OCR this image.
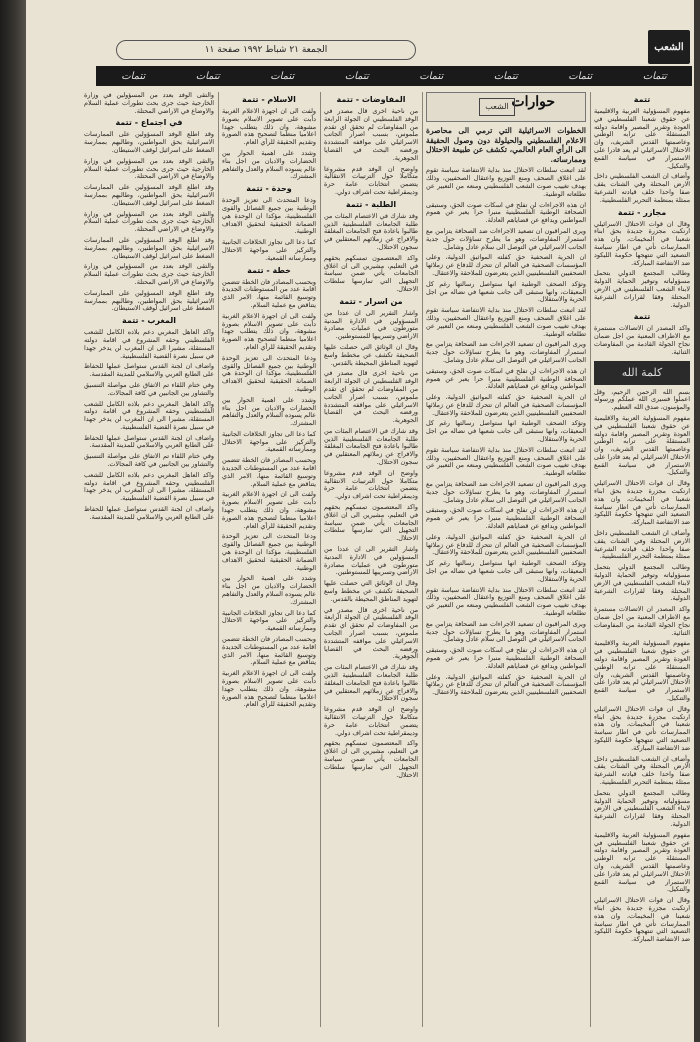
الشعب
الجمعة ٢١ شباط ١٩٩٢ صفحة ١١
تتمات
تتمات
تتمات
تتمات
تتمات
تتمات
تتمات
تتمات
تتمة

مفهوم المسؤولية العربية والاقليمية عن حقوق شعبنا الفلسطيني في العودة وتقرير المصير واقامة دولته المستقلة على ترابه الوطني وعاصمتها القدس الشريف، وان الاحتلال الاسرائيلي لم يعد قادرا على الاستمرار في سياسة القمع والتنكيل.

وأضاف ان الشعب الفلسطيني داخل الارض المحتلة وفي الشتات يقف صفا واحدا خلف قيادته الشرعية ممثلة بمنظمة التحرير الفلسطينية.

مجازر - تتمة

وقال ان قوات الاحتلال الاسرائيلي ارتكبت مجزرة جديدة بحق ابناء شعبنا في المخيمات، وان هذه الممارسات تأتي في اطار سياسة التصعيد التي تنتهجها حكومة الليكود ضد الانتفاضة المباركة.

وطالب المجتمع الدولي بتحمل مسؤولياته وتوفير الحماية الدولية لابناء الشعب الفلسطيني في الارض المحتلة وفقا لقرارات الشرعية الدولية.

تتمة

واكد المصدر ان الاتصالات مستمرة مع الاطراف المعنية من اجل ضمان نجاح الجولة القادمة من المفاوضات الثنائية.

كلمة الله

بسم الله الرحمن الرحيم، وقل اعملوا فسيرى الله عملكم ورسوله والمؤمنون، صدق الله العظيم.

مفهوم المسؤولية العربية والاقليمية عن حقوق شعبنا الفلسطيني في العودة وتقرير المصير واقامة دولته المستقلة على ترابه الوطني وعاصمتها القدس الشريف، وان الاحتلال الاسرائيلي لم يعد قادرا على الاستمرار في سياسة القمع والتنكيل.

وقال ان قوات الاحتلال الاسرائيلي ارتكبت مجزرة جديدة بحق ابناء شعبنا في المخيمات، وان هذه الممارسات تأتي في اطار سياسة التصعيد التي تنتهجها حكومة الليكود ضد الانتفاضة المباركة.

وأضاف ان الشعب الفلسطيني داخل الارض المحتلة وفي الشتات يقف صفا واحدا خلف قيادته الشرعية ممثلة بمنظمة التحرير الفلسطينية.

وطالب المجتمع الدولي بتحمل مسؤولياته وتوفير الحماية الدولية لابناء الشعب الفلسطيني في الارض المحتلة وفقا لقرارات الشرعية الدولية.

واكد المصدر ان الاتصالات مستمرة مع الاطراف المعنية من اجل ضمان نجاح الجولة القادمة من المفاوضات الثنائية.

مفهوم المسؤولية العربية والاقليمية عن حقوق شعبنا الفلسطيني في العودة وتقرير المصير واقامة دولته المستقلة على ترابه الوطني وعاصمتها القدس الشريف، وان الاحتلال الاسرائيلي لم يعد قادرا على الاستمرار في سياسة القمع والتنكيل.

وقال ان قوات الاحتلال الاسرائيلي ارتكبت مجزرة جديدة بحق ابناء شعبنا في المخيمات، وان هذه الممارسات تأتي في اطار سياسة التصعيد التي تنتهجها حكومة الليكود ضد الانتفاضة المباركة.

وأضاف ان الشعب الفلسطيني داخل الارض المحتلة وفي الشتات يقف صفا واحدا خلف قيادته الشرعية ممثلة بمنظمة التحرير الفلسطينية.

وطالب المجتمع الدولي بتحمل مسؤولياته وتوفير الحماية الدولية لابناء الشعب الفلسطيني في الارض المحتلة وفقا لقرارات الشرعية الدولية.

مفهوم المسؤولية العربية والاقليمية عن حقوق شعبنا الفلسطيني في العودة وتقرير المصير واقامة دولته المستقلة على ترابه الوطني وعاصمتها القدس الشريف، وان الاحتلال الاسرائيلي لم يعد قادرا على الاستمرار في سياسة القمع والتنكيل.

وقال ان قوات الاحتلال الاسرائيلي ارتكبت مجزرة جديدة بحق ابناء شعبنا في المخيمات، وان هذه الممارسات تأتي في اطار سياسة التصعيد التي تنتهجها حكومة الليكود ضد الانتفاضة المباركة.

حوارات
الشعب

الخطوات الاسرائيلية التي ترمي الى محاصرة الاعلام الفلسطيني والحيلولة دون وصول الحقيقة الى الرأي العام العالمي، تكشف عن طبيعة الاحتلال وممارساته.

لقد اتبعت سلطات الاحتلال منذ بداية الانتفاضة سياسة تقوم على اغلاق الصحف ومنع التوزيع واعتقال الصحفيين، وذلك بهدف تغييب صوت الشعب الفلسطيني ومنعه من التعبير عن تطلعاته الوطنية.

ان هذه الاجراءات لن تفلح في اسكات صوت الحق، وستبقى الصحافة الوطنية الفلسطينية منبرا حرا يعبر عن هموم المواطنين ويدافع عن قضاياهم العادلة.

ويرى المراقبون ان تصعيد الاجراءات ضد الصحافة يتزامن مع استمرار المفاوضات، وهو ما يطرح تساؤلات حول جدية الجانب الاسرائيلي في التوصل الى سلام عادل وشامل.

ان الحرية الصحفية حق كفلته المواثيق الدولية، وعلى المؤسسات الصحفية في العالم ان تتحرك للدفاع عن زملائها الصحفيين الفلسطينيين الذين يتعرضون للملاحقة والاعتقال.

وتؤكد الصحف الوطنية انها ستواصل رسالتها رغم كل المعيقات، وانها ستبقى الى جانب شعبها في نضاله من اجل الحرية والاستقلال.

لقد اتبعت سلطات الاحتلال منذ بداية الانتفاضة سياسة تقوم على اغلاق الصحف ومنع التوزيع واعتقال الصحفيين، وذلك بهدف تغييب صوت الشعب الفلسطيني ومنعه من التعبير عن تطلعاته الوطنية.

ويرى المراقبون ان تصعيد الاجراءات ضد الصحافة يتزامن مع استمرار المفاوضات، وهو ما يطرح تساؤلات حول جدية الجانب الاسرائيلي في التوصل الى سلام عادل وشامل.

ان هذه الاجراءات لن تفلح في اسكات صوت الحق، وستبقى الصحافة الوطنية الفلسطينية منبرا حرا يعبر عن هموم المواطنين ويدافع عن قضاياهم العادلة.

ان الحرية الصحفية حق كفلته المواثيق الدولية، وعلى المؤسسات الصحفية في العالم ان تتحرك للدفاع عن زملائها الصحفيين الفلسطينيين الذين يتعرضون للملاحقة والاعتقال.

وتؤكد الصحف الوطنية انها ستواصل رسالتها رغم كل المعيقات، وانها ستبقى الى جانب شعبها في نضاله من اجل الحرية والاستقلال.

لقد اتبعت سلطات الاحتلال منذ بداية الانتفاضة سياسة تقوم على اغلاق الصحف ومنع التوزيع واعتقال الصحفيين، وذلك بهدف تغييب صوت الشعب الفلسطيني ومنعه من التعبير عن تطلعاته الوطنية.

ويرى المراقبون ان تصعيد الاجراءات ضد الصحافة يتزامن مع استمرار المفاوضات، وهو ما يطرح تساؤلات حول جدية الجانب الاسرائيلي في التوصل الى سلام عادل وشامل.

ان هذه الاجراءات لن تفلح في اسكات صوت الحق، وستبقى الصحافة الوطنية الفلسطينية منبرا حرا يعبر عن هموم المواطنين ويدافع عن قضاياهم العادلة.

ان الحرية الصحفية حق كفلته المواثيق الدولية، وعلى المؤسسات الصحفية في العالم ان تتحرك للدفاع عن زملائها الصحفيين الفلسطينيين الذين يتعرضون للملاحقة والاعتقال.

وتؤكد الصحف الوطنية انها ستواصل رسالتها رغم كل المعيقات، وانها ستبقى الى جانب شعبها في نضاله من اجل الحرية والاستقلال.

لقد اتبعت سلطات الاحتلال منذ بداية الانتفاضة سياسة تقوم على اغلاق الصحف ومنع التوزيع واعتقال الصحفيين، وذلك بهدف تغييب صوت الشعب الفلسطيني ومنعه من التعبير عن تطلعاته الوطنية.

ويرى المراقبون ان تصعيد الاجراءات ضد الصحافة يتزامن مع استمرار المفاوضات، وهو ما يطرح تساؤلات حول جدية الجانب الاسرائيلي في التوصل الى سلام عادل وشامل.

ان هذه الاجراءات لن تفلح في اسكات صوت الحق، وستبقى الصحافة الوطنية الفلسطينية منبرا حرا يعبر عن هموم المواطنين ويدافع عن قضاياهم العادلة.

ان الحرية الصحفية حق كفلته المواثيق الدولية، وعلى المؤسسات الصحفية في العالم ان تتحرك للدفاع عن زملائها الصحفيين الفلسطينيين الذين يتعرضون للملاحقة والاعتقال.

المفاوضات - تتمة

من ناحية اخرى قال مصدر في الوفد الفلسطيني ان الجولة الرابعة من المفاوضات لم تحقق اي تقدم ملموس، بسبب اصرار الجانب الاسرائيلي على مواقفه المتشددة ورفضه البحث في القضايا الجوهرية.

واوضح ان الوفد قدم مشروعا متكاملا حول الترتيبات الانتقالية يتضمن انتخابات عامة حرة وديمقراطية تحت اشراف دولي.

الطلبة - تتمة

وقد شارك في الاعتصام المئات من طلبة الجامعات الفلسطينية الذين طالبوا باعادة فتح الجامعات المغلقة والافراج عن زملائهم المعتقلين في سجون الاحتلال.

واكد المعتصمون تمسكهم بحقهم في التعليم، مشيرين الى ان اغلاق الجامعات يأتي ضمن سياسة التجهيل التي تمارسها سلطات الاحتلال.

من اسرار - تتمة

واشار التقرير الى ان عددا من المسؤولين في الادارة المدنية متورطون في عمليات مصادرة الاراضي وتسريبها للمستوطنين.

وقال ان الوثائق التي حصلت عليها الصحيفة تكشف عن مخطط واسع لتهويد المناطق المحيطة بالقدس.

من ناحية اخرى قال مصدر في الوفد الفلسطيني ان الجولة الرابعة من المفاوضات لم تحقق اي تقدم ملموس، بسبب اصرار الجانب الاسرائيلي على مواقفه المتشددة ورفضه البحث في القضايا الجوهرية.

وقد شارك في الاعتصام المئات من طلبة الجامعات الفلسطينية الذين طالبوا باعادة فتح الجامعات المغلقة والافراج عن زملائهم المعتقلين في سجون الاحتلال.

واوضح ان الوفد قدم مشروعا متكاملا حول الترتيبات الانتقالية يتضمن انتخابات عامة حرة وديمقراطية تحت اشراف دولي.

واكد المعتصمون تمسكهم بحقهم في التعليم، مشيرين الى ان اغلاق الجامعات يأتي ضمن سياسة التجهيل التي تمارسها سلطات الاحتلال.

واشار التقرير الى ان عددا من المسؤولين في الادارة المدنية متورطون في عمليات مصادرة الاراضي وتسريبها للمستوطنين.

وقال ان الوثائق التي حصلت عليها الصحيفة تكشف عن مخطط واسع لتهويد المناطق المحيطة بالقدس.

من ناحية اخرى قال مصدر في الوفد الفلسطيني ان الجولة الرابعة من المفاوضات لم تحقق اي تقدم ملموس، بسبب اصرار الجانب الاسرائيلي على مواقفه المتشددة ورفضه البحث في القضايا الجوهرية.

وقد شارك في الاعتصام المئات من طلبة الجامعات الفلسطينية الذين طالبوا باعادة فتح الجامعات المغلقة والافراج عن زملائهم المعتقلين في سجون الاحتلال.

واوضح ان الوفد قدم مشروعا متكاملا حول الترتيبات الانتقالية يتضمن انتخابات عامة حرة وديمقراطية تحت اشراف دولي.

واكد المعتصمون تمسكهم بحقهم في التعليم، مشيرين الى ان اغلاق الجامعات يأتي ضمن سياسة التجهيل التي تمارسها سلطات الاحتلال.

الاسلام - تتمة

ولفت الى ان اجهزة الاعلام الغربية دأبت على تصوير الاسلام بصورة مشوهة، وان ذلك يتطلب جهدا اعلاميا منظما لتصحيح هذه الصورة وتقديم الحقيقة للرأي العام.

وشدد على اهمية الحوار بين الحضارات والاديان من اجل بناء عالم يسوده السلام والعدل والتفاهم المشترك.

وحدة - تتمة

ودعا المتحدث الى تعزيز الوحدة الوطنية بين جميع الفصائل والقوى الفلسطينية، مؤكدا ان الوحدة هي الضمانة الحقيقية لتحقيق الاهداف الوطنية.

كما دعا الى تجاوز الخلافات الجانبية والتركيز على مواجهة الاحتلال وممارساته القمعية.

خطة - تتمة

وبحسب المصادر فان الخطة تتضمن اقامة عدد من المستوطنات الجديدة وتوسيع القائمة منها، الامر الذي يتناقض مع عملية السلام.

ولفت الى ان اجهزة الاعلام الغربية دأبت على تصوير الاسلام بصورة مشوهة، وان ذلك يتطلب جهدا اعلاميا منظما لتصحيح هذه الصورة وتقديم الحقيقة للرأي العام.

ودعا المتحدث الى تعزيز الوحدة الوطنية بين جميع الفصائل والقوى الفلسطينية، مؤكدا ان الوحدة هي الضمانة الحقيقية لتحقيق الاهداف الوطنية.

وشدد على اهمية الحوار بين الحضارات والاديان من اجل بناء عالم يسوده السلام والعدل والتفاهم المشترك.

كما دعا الى تجاوز الخلافات الجانبية والتركيز على مواجهة الاحتلال وممارساته القمعية.

وبحسب المصادر فان الخطة تتضمن اقامة عدد من المستوطنات الجديدة وتوسيع القائمة منها، الامر الذي يتناقض مع عملية السلام.

ولفت الى ان اجهزة الاعلام الغربية دأبت على تصوير الاسلام بصورة مشوهة، وان ذلك يتطلب جهدا اعلاميا منظما لتصحيح هذه الصورة وتقديم الحقيقة للرأي العام.

ودعا المتحدث الى تعزيز الوحدة الوطنية بين جميع الفصائل والقوى الفلسطينية، مؤكدا ان الوحدة هي الضمانة الحقيقية لتحقيق الاهداف الوطنية.

وشدد على اهمية الحوار بين الحضارات والاديان من اجل بناء عالم يسوده السلام والعدل والتفاهم المشترك.

كما دعا الى تجاوز الخلافات الجانبية والتركيز على مواجهة الاحتلال وممارساته القمعية.

وبحسب المصادر فان الخطة تتضمن اقامة عدد من المستوطنات الجديدة وتوسيع القائمة منها، الامر الذي يتناقض مع عملية السلام.

ولفت الى ان اجهزة الاعلام الغربية دأبت على تصوير الاسلام بصورة مشوهة، وان ذلك يتطلب جهدا اعلاميا منظما لتصحيح هذه الصورة وتقديم الحقيقة للرأي العام.

والتقى الوفد بعدد من المسؤولين في وزارة الخارجية حيث جرى بحث تطورات عملية السلام والاوضاع في الاراضي المحتلة.

في اجتماع - تتمة

وقد اطلع الوفد المسؤولين على الممارسات الاسرائيلية بحق المواطنين، وطالبهم بممارسة الضغط على اسرائيل لوقف الاستيطان.

والتقى الوفد بعدد من المسؤولين في وزارة الخارجية حيث جرى بحث تطورات عملية السلام والاوضاع في الاراضي المحتلة.

وقد اطلع الوفد المسؤولين على الممارسات الاسرائيلية بحق المواطنين، وطالبهم بممارسة الضغط على اسرائيل لوقف الاستيطان.

والتقى الوفد بعدد من المسؤولين في وزارة الخارجية حيث جرى بحث تطورات عملية السلام والاوضاع في الاراضي المحتلة.

وقد اطلع الوفد المسؤولين على الممارسات الاسرائيلية بحق المواطنين، وطالبهم بممارسة الضغط على اسرائيل لوقف الاستيطان.

والتقى الوفد بعدد من المسؤولين في وزارة الخارجية حيث جرى بحث تطورات عملية السلام والاوضاع في الاراضي المحتلة.

وقد اطلع الوفد المسؤولين على الممارسات الاسرائيلية بحق المواطنين، وطالبهم بممارسة الضغط على اسرائيل لوقف الاستيطان.

المغرب - تتمة

واكد العاهل المغربي دعم بلاده الكامل للشعب الفلسطيني وحقه المشروع في اقامة دولته المستقلة، مشيرا الى ان المغرب لن يدخر جهدا في سبيل نصرة القضية الفلسطينية.

واضاف ان لجنة القدس ستواصل عملها للحفاظ على الطابع العربي والاسلامي للمدينة المقدسة.

وفي ختام اللقاء تم الاتفاق على مواصلة التنسيق والتشاور بين الجانبين في كافة المجالات.

واكد العاهل المغربي دعم بلاده الكامل للشعب الفلسطيني وحقه المشروع في اقامة دولته المستقلة، مشيرا الى ان المغرب لن يدخر جهدا في سبيل نصرة القضية الفلسطينية.

واضاف ان لجنة القدس ستواصل عملها للحفاظ على الطابع العربي والاسلامي للمدينة المقدسة.

وفي ختام اللقاء تم الاتفاق على مواصلة التنسيق والتشاور بين الجانبين في كافة المجالات.

واكد العاهل المغربي دعم بلاده الكامل للشعب الفلسطيني وحقه المشروع في اقامة دولته المستقلة، مشيرا الى ان المغرب لن يدخر جهدا في سبيل نصرة القضية الفلسطينية.

واضاف ان لجنة القدس ستواصل عملها للحفاظ على الطابع العربي والاسلامي للمدينة المقدسة.
